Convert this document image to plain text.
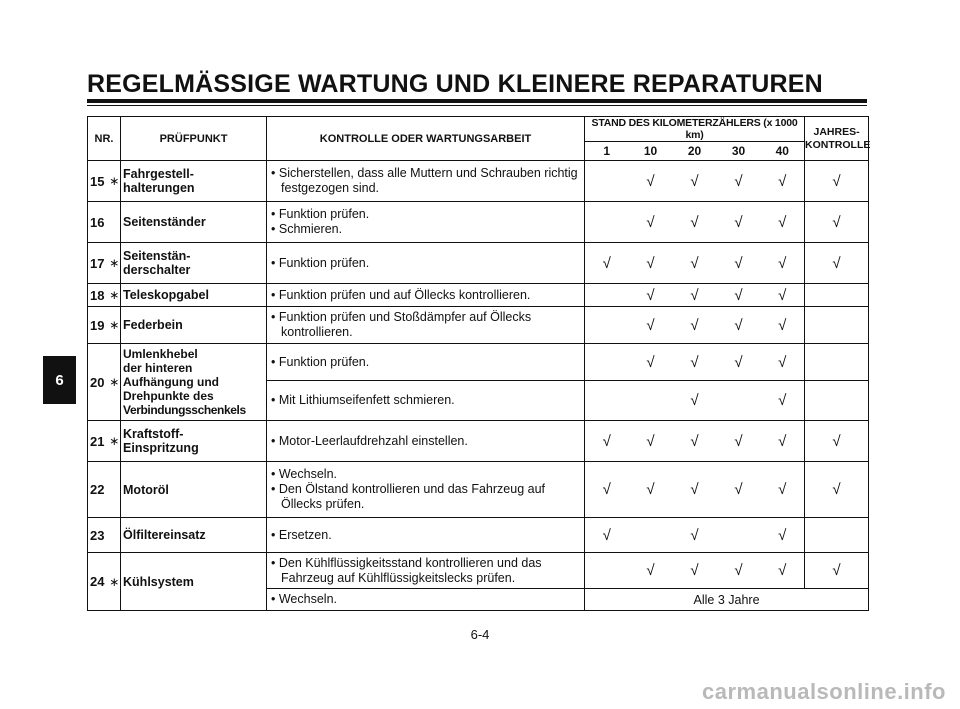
REGELMÄSSIGE WARTUNG UND KLEINERE REPARATUREN
6
NR.		PRÜFPUNKT	KONTROLLE ODER WARTUNGSARBEIT	STAND DES KILOMETERZÄHLERS (x 1000 km)					JAHRES-
KONTROLLE

				1	10	20	30	40	
15	∗	Fahrgestell-
halterungen	• Sicherstellen, dass alle Muttern und Schrauben richtig festgezogen sind.		√	√	√	√	√
16		Seitenständer	• Funktion prüfen.
• Schmieren.		√	√	√	√	√
17	∗	Seitenstän-
derschalter	• Funktion prüfen.	√	√	√	√	√	√
18	∗	Teleskopgabel	• Funktion prüfen und auf Öllecks kontrollieren.		√	√	√	√	
19	∗	Federbein	• Funktion prüfen und Stoßdämpfer auf Öllecks kontrollieren.		√	√	√	√	
20	∗	Umlenkhebel
der hinteren
Aufhängung und
Drehpunkte des
Verbindungsschenkels	• Funktion prüfen.		√	√	√	√	

			• Mit Lithiumseifenfett schmieren.			√		√	
21	∗	Kraftstoff-
Einspritzung	• Motor-Leerlaufdrehzahl einstellen.	√	√	√	√	√	√
22		Motoröl	• Wechseln.
• Den Ölstand kontrollieren und das Fahrzeug auf Öllecks prüfen.	√	√	√	√	√	√
23		Ölfiltereinsatz	• Ersetzen.	√		√		√	
24	∗	Kühlsystem	• Den Kühlflüssigkeitsstand kontrollieren und das Fahrzeug auf Kühlflüssigkeitslecks prüfen.		√	√	√	√	√

			• Wechseln.	Alle 3 Jahre					
6-4
carmanualsonline.info
